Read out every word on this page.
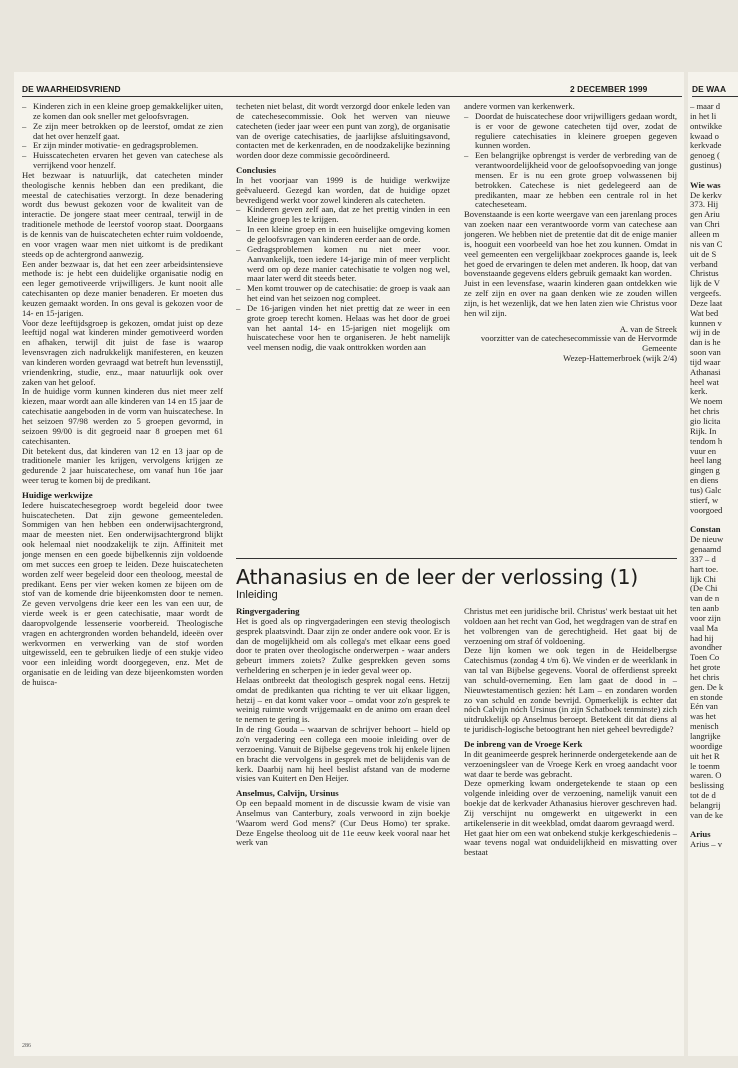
DE WAARHEIDSVRIEND	2 DECEMBER 1999	DE WAA
– Kinderen zich in een kleine groep gemakkelijker uiten, ze komen dan ook sneller met geloofsvragen.
– Ze zijn meer betrokken op de leerstof, omdat ze zien dat het over henzelf gaat.
– Er zijn minder motivatie- en gedragsproblemen.
– Huisscatecheten ervaren het geven van catechese als verrijkend voor henzelf.

Het bezwaar is natuurlijk, dat catecheten minder theologische kennis hebben dan een predikant, die meestal de catechisaties verzorgt. In deze benadering wordt dus bewust gekozen voor de kwaliteit van de interactie. De jongere staat meer centraal, terwijl in de traditionele methode de leerstof voorop staat. Doorgaans is de kennis van de huiscatecheten echter ruim voldoende, en voor vragen waar men niet uitkomt is de predikant steeds op de achtergrond aanwezig.

Een ander bezwaar is, dat het een zeer arbeidsintensieve methode is: je hebt een duidelijke organisatie nodig en een leger gemotiveerde vrijwilligers. Je kunt nooit alle catechisanten op deze manier benaderen. Er moeten dus keuzen gemaakt worden. In ons geval is gekozen voor de 14- en 15-jarigen.

Voor deze leeftijdsgroep is gekozen, omdat juist op deze leeftijd nogal wat kinderen minder gemotiveerd worden en afhaken, terwijl dit juist de fase is waarop levensvragen zich nadrukkelijk manifesteren, en keuzen van kinderen worden gevraagd wat betreft hun levensstijl, vriendenkring, studie, enz., maar natuurlijk ook over zaken van het geloof.

In de huidige vorm kunnen kinderen dus niet meer zelf kiezen, maar wordt aan alle kinderen van 14 en 15 jaar de catechisatie aangeboden in de vorm van huiscatechese. In het seizoen 97/98 werden zo 5 groepen gevormd, in seizoen 99/00 is dit gegroeid naar 8 groepen met 61 catechisanten.

Dit betekent dus, dat kinderen van 12 en 13 jaar op de traditionele manier les krijgen, vervolgens krijgen ze gedurende 2 jaar huiscatechese, om vanaf hun 16e jaar weer terug te komen bij de predikant.

Huidige werkwijze

Iedere huiscatechesegroep wordt begeleid door twee huiscatecheten. Dat zijn gewone gemeenteleden. Sommigen van hen hebben een onderwijsachtergrond, maar de meesten niet. Een onderwijsachtergrond blijkt ook helemaal niet noodzakelijk te zijn. Affiniteit met jonge mensen en een goede bijbelkennis zijn voldoende om met succes een groep te leiden. Deze huiscatecheten worden zelf weer begeleid door een theoloog, meestal de predikant. Eens per vier weken komen ze bijeen om de stof van de komende drie bijeenkomsten door te nemen. Ze geven vervolgens drie keer een les van een uur, de vierde week is er geen catechisatie, maar wordt de daaropvolgende lessenserie voorbereid. Theologische vragen en achtergronden worden behandeld, ideeën over werkvormen en verwerking van de stof worden uitgewisseld, een te gebruiken liedje of een stukje video voor een inleiding wordt doorgegeven, enz. Met de organisatie en de leiding van deze bijeenkomsten worden de huisca-

techeten niet belast, dit wordt verzorgd door enkele leden van de catechesecommissie. Ook het werven van nieuwe catecheten (ieder jaar weer een punt van zorg), de organisatie van de overige catechisaties, de jaarlijkse afsluitingsavond, contacten met de kerkenraden, en de noodzakelijke bezinning worden door deze commissie gecoördineerd.

Conclusies

In het voorjaar van 1999 is de huidige werkwijze geëvalueerd. Gezegd kan worden, dat de huidige opzet bevredigend werkt voor zowel kinderen als catecheten.

– Kinderen geven zelf aan, dat ze het prettig vinden in een kleine groep les te krijgen.
– In een kleine groep en in een huiselijke omgeving komen de geloofsvragen van kinderen eerder aan de orde.
– Gedragsproblemen komen nu niet meer voor. Aanvankelijk, toen iedere 14-jarige min of meer verplicht werd om op deze manier catechisatie te volgen nog wel, maar later werd dit steeds beter.
– Men komt trouwer op de catechisatie: de groep is vaak aan het eind van het seizoen nog compleet.
– De 16-jarigen vinden het niet prettig dat ze weer in een grote groep terecht komen. Helaas was het door de groei van het aantal 14- en 15-jarigen niet mogelijk om huiscatechese voor hen te organiseren. Je hebt namelijk veel mensen nodig, die vaak onttrokken worden aan

andere vormen van kerkenwerk.

– Doordat de huiscatechese door vrijwilligers gedaan wordt, is er voor de gewone catecheten tijd over, zodat de reguliere catechisaties in kleinere groepen gegeven kunnen worden.
– Een belangrijke opbrengst is verder de verbreding van de verantwoordelijkheid voor de geloofsopvoeding van jonge mensen. Er is nu een grote groep volwassenen bij betrokken. Catechese is niet gedelegeerd aan de predikanten, maar ze hebben een centrale rol in het catecheseteam.

Bovenstaande is een korte weergave van een jarenlang proces van zoeken naar een verantwoorde vorm van catechese aan jongeren. We hebben niet de pretentie dat dit de enige manier is, hooguit een voorbeeld van hoe het zou kunnen. Omdat in veel gemeenten een vergelijkbaar zoekproces gaande is, leek het goed de ervaringen te delen met anderen. Ik hoop, dat van bovenstaande gegevens elders gebruik gemaakt kan worden.

Juist in een levensfase, waarin kinderen gaan ontdekken wie ze zelf zijn en over na gaan denken wie ze zouden willen zijn, is het wezenlijk, dat we hen laten zien wie Christus voor hen wil zijn.

A. van de Streek

voorzitter van de catechesecommissie van de Hervormde Gemeente

Wezep-Hattemerbroek (wijk 2/4)

Athanasius en de leer der verlossing (1)
Inleiding
Ringvergadering

Het is goed als op ringvergaderingen een stevig theologisch gesprek plaatsvindt. Daar zijn ze onder andere ook voor. Er is dan de mogelijkheid om als collega's met elkaar eens goed door te praten over theologische onderwerpen - waar anders gebeurt immers zoiets? Zulke gesprekken geven soms verheldering en scherpen je in ieder geval weer op.

Helaas ontbreekt dat theologisch gesprek nogal eens. Hetzij omdat de predikanten qua richting te ver uit elkaar liggen, hetzij – en dat komt vaker voor – omdat voor zo'n gesprek te weinig ruimte wordt vrijgemaakt en de animo om eraan deel te nemen te gering is.

In de ring Gouda – waarvan de schrijver behoort – hield op zo'n vergadering een collega een mooie inleiding over de verzoening. Vanuit de Bijbelse gegevens trok hij enkele lijnen en bracht die vervolgens in gesprek met de belijdenis van de kerk. Daarbij nam hij heel beslist afstand van de moderne visies van Kuitert en Den Heijer.

Anselmus, Calvijn, Ursinus

Op een bepaald moment in de discussie kwam de visie van Anselmus van Canterbury, zoals verwoord in zijn boekje 'Waarom werd God mens?' (Cur Deus Homo) ter sprake. Deze Engelse theoloog uit de 11e eeuw keek vooral naar het werk van

Christus met een juridische bril. Christus' werk bestaat uit het voldoen aan het recht van God, het wegdragen van de straf en het volbrengen van de gerechtigheid. Het gaat bij de verzoening om straf óf voldoening.

Deze lijn komen we ook tegen in de Heidelbergse Catechismus (zondag 4 t/m 6). We vinden er de weerklank in van tal van Bijbelse gegevens. Vooral de offerdienst spreekt van schuld-overneming. Een lam gaat de dood in – Nieuwtestamentisch gezien: hét Lam – en zondaren worden zo van schuld en zonde bevrijd. Opmerkelijk is echter dat nóch Calvijn nóch Ursinus (in zijn Schatboek tenminste) zich uitdrukkelijk op Anselmus beroept. Betekent dit dat diens al te juridisch-logische betoogtrant hen niet geheel bevredigde?

De inbreng van de Vroege Kerk

In dit geanimeerde gesprek herinnerde ondergetekende aan de verzoeningsleer van de Vroege Kerk en vroeg aandacht voor wat daar te berde was gebracht.

Deze opmerking kwam ondergetekende te staan op een volgende inleiding over de verzoening, namelijk vanuit een boekje dat de kerkvader Athanasius hierover geschreven had. Zij verschijnt nu omgewerkt en uitgewerkt in een artikelenserie in dit weekblad, omdat daarom gevraagd werd.

Het gaat hier om een wat onbekend stukje kerkgeschiedenis – waar tevens nogal wat onduidelijkheid en misvatting over bestaat

– maar d
in het li
ontwikke
kwaad o
kerkvade
genoeg (
gustinus)

Wie was
De kerkv
373. Hij
gen Ariu
van Chri
alleen m
nis van C
uit de S
verband
Christus
lijk de V
vergeefs.
Deze laat
Wat bed
kunnen v
wij in de
dan is he
soon van
tijd waar
Athanasi
heel wat
kerk.
We noem
het chris
gio licita
Rijk. In
tendom h
vuur en
heel lang
gingen g
en diens
tus) Galc
stierf, w
voorgoed

Constan
De nieuw
genaamd
337 – d
hart toe.
lijk Chi
(De Chi
van de n
ten aanb
voor zijn
vaal Ma
had hij
avondher
Toen Co
het grote
het chris
gen. De k
en stonde
Eén van
was het
menisch
langrijke
woordige
uit het R
le toenm
waren. O
beslissing
tot de d
belangrij
van de ke

Arius
Arius – v
286
